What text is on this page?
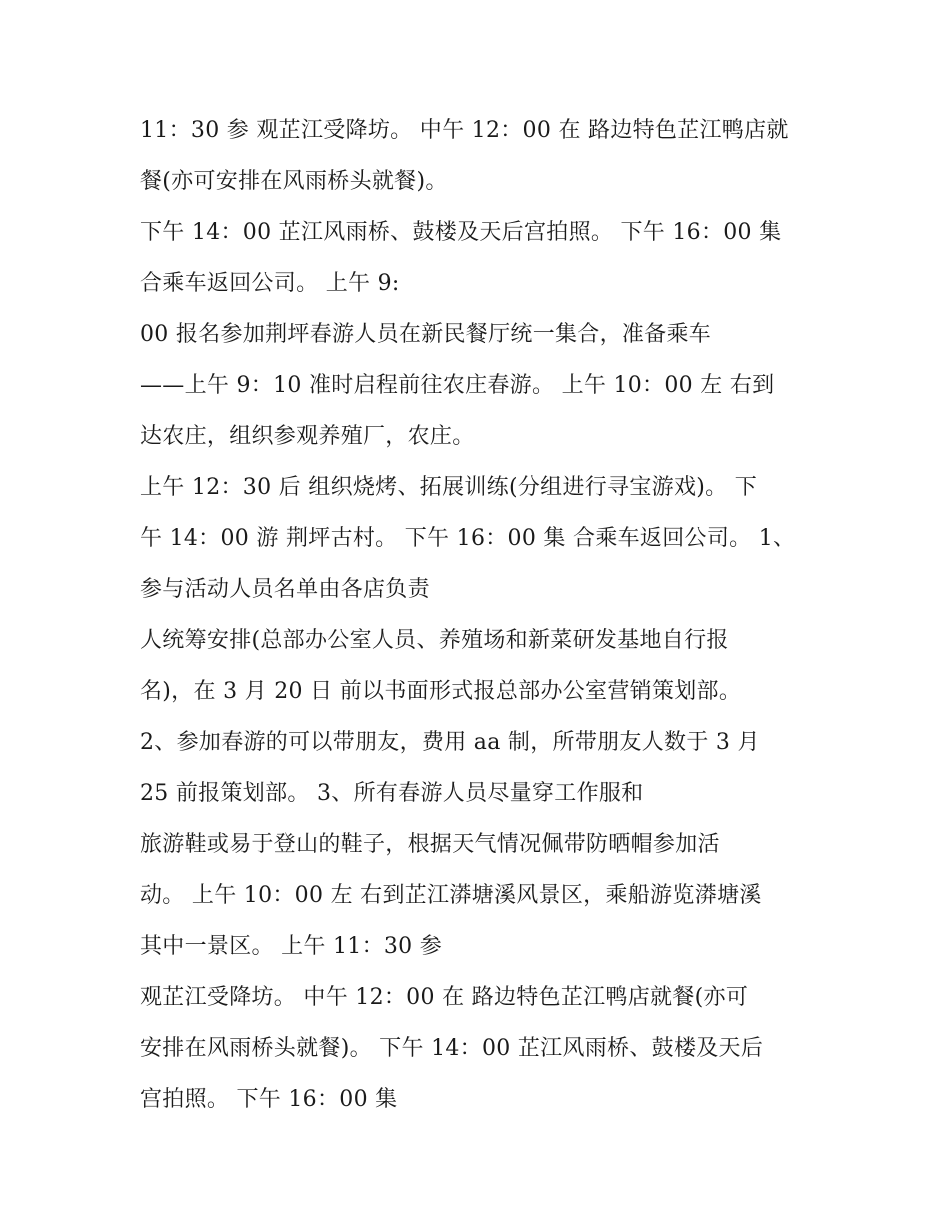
11：30 参 观芷江受降坊。 中午 12：00 在 路边特色芷江鸭店就
餐(亦可安排在风雨桥头就餐)。
下午 14：00 芷江风雨桥、鼓楼及天后宫拍照。 下午 16：00 集
合乘车返回公司。 上午 9:
00 报名参加荆坪春游人员在新民餐厅统一集合，准备乘车
——上午 9：10 准时启程前往农庄春游。 上午 10：00 左 右到
达农庄，组织参观养殖厂，农庄。
上午 12：30 后 组织烧烤、拓展训练(分组进行寻宝游戏)。 下
午 14：00 游 荆坪古村。 下午 16：00 集 合乘车返回公司。 1、
参与活动人员名单由各店负责
人统筹安排(总部办公室人员、养殖场和新菜研发基地自行报
名)，在 3 月 20 日 前以书面形式报总部办公室营销策划部。
2、参加春游的可以带朋友，费用 aa 制，所带朋友人数于 3 月
25 前报策划部。 3、所有春游人员尽量穿工作服和
旅游鞋或易于登山的鞋子，根据天气情况佩带防晒帽参加活
动。 上午 10：00 左 右到芷江漭塘溪风景区，乘船游览漭塘溪
其中一景区。 上午 11：30 参
观芷江受降坊。 中午 12：00 在 路边特色芷江鸭店就餐(亦可
安排在风雨桥头就餐)。 下午 14：00 芷江风雨桥、鼓楼及天后
宫拍照。 下午 16：00 集
